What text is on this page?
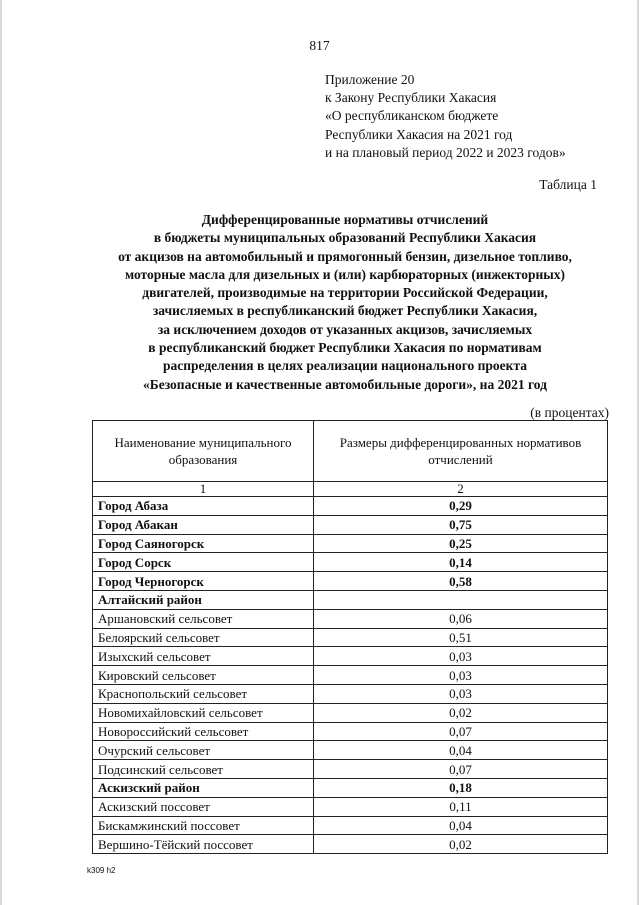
817
Приложение 20
к Закону Республики Хакасия
«О республиканском бюджете
Республики Хакасия на 2021 год
и на плановый период 2022 и 2023 годов»
Таблица 1
Дифференцированные нормативы отчислений
в бюджеты муниципальных образований Республики Хакасия
от акцизов на автомобильный и прямогонный бензин, дизельное топливо,
моторные масла для дизельных и (или) карбюраторных (инжекторных)
двигателей, производимые на территории Российской Федерации,
зачисляемых в республиканский бюджет Республики Хакасия,
за исключением доходов от указанных акцизов, зачисляемых
в республиканский бюджет Республики Хакасия по нормативам
распределения в целях реализации национального проекта
«Безопасные и качественные автомобильные дороги», на 2021 год
(в процентах)
Наименование муниципального образования	Размеры дифференцированных нормативов отчислений
1	2
Город Абаза	0,29
Город Абакан	0,75
Город Саяногорск	0,25
Город Сорск	0,14
Город Черногорск	0,58
Алтайский район	
Аршановский сельсовет	0,06
Белоярский сельсовет	0,51
Изыхский сельсовет	0,03
Кировский сельсовет	0,03
Краснопольский сельсовет	0,03
Новомихайловский сельсовет	0,02
Новороссийский сельсовет	0,07
Очурский сельсовет	0,04
Подсинский сельсовет	0,07
Аскизский район	0,18
Аскизский поссовет	0,11
Бискамжинский поссовет	0,04
Вершино-Тёйский поссовет	0,02
k309 h2
